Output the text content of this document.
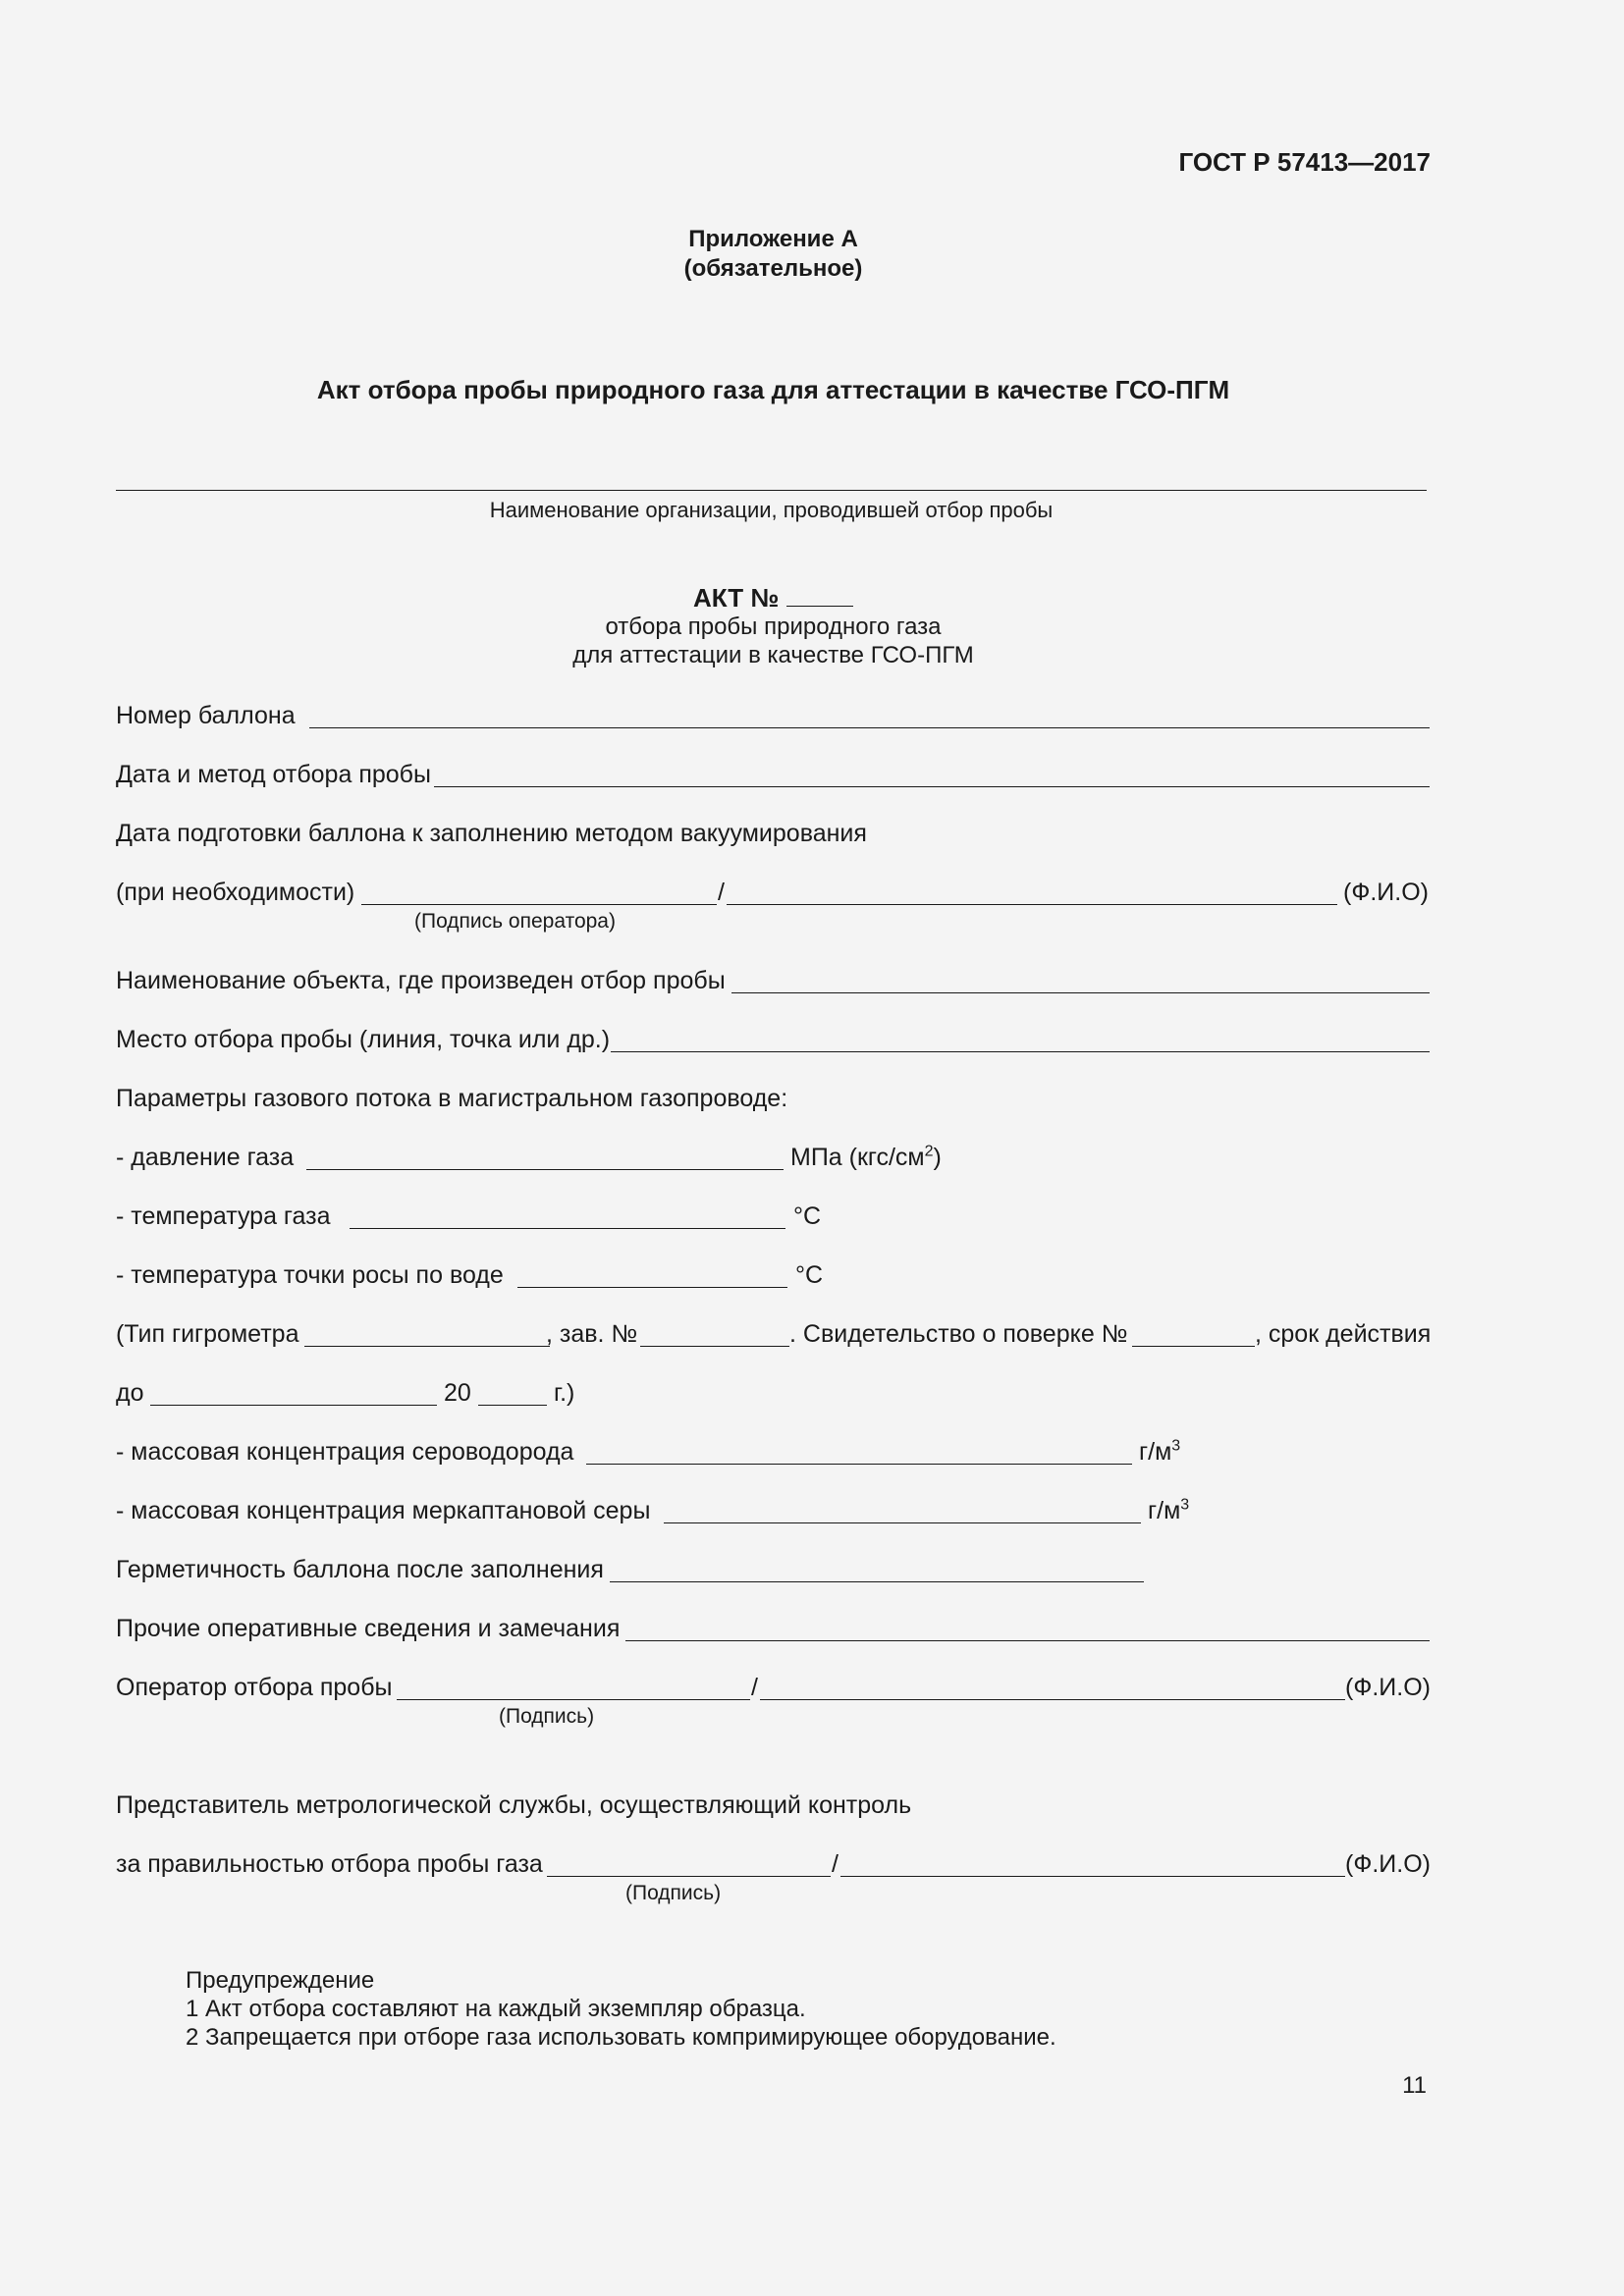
ГОСТ Р 57413—2017
Приложение А
(обязательное)
Акт отбора пробы природного газа для аттестации в качестве ГСО-ПГМ
Наименование организации, проводившей отбор пробы
АКТ №
отбора пробы природного газа
для аттестации в качестве ГСО-ПГМ
Номер баллона
Дата и метод отбора пробы
Дата подготовки баллона к заполнению методом вакуумирования
(при необходимости)	/	(Ф.И.О)
(Подпись оператора)
Наименование объекта, где произведен отбор пробы
Место отбора пробы (линия, точка или др.)
Параметры газового потока в магистральном газопроводе:
- давление газа	МПа $(кгс/см^2)$
- температура газа	°С
- температура точки росы по воде	°С
(Тип гигрометра	, зав. №	. Свидетельство о поверке №	, срок действия
до	20	г.)
- массовая концентрация сероводорода	$г/м^3$
- массовая концентрация меркаптановой серы	$г/м^3$
Герметичность баллона после заполнения
Прочие оперативные сведения и замечания
Оператор отбора пробы	/	(Ф.И.О)
(Подпись)
Представитель метрологической службы, осуществляющий контроль
за правильностью отбора пробы газа	/	(Ф.И.О)
(Подпись)
Предупреждение
1 Акт отбора составляют на каждый экземпляр образца.
2 Запрещается при отборе газа использовать компримирующее оборудование.
11
